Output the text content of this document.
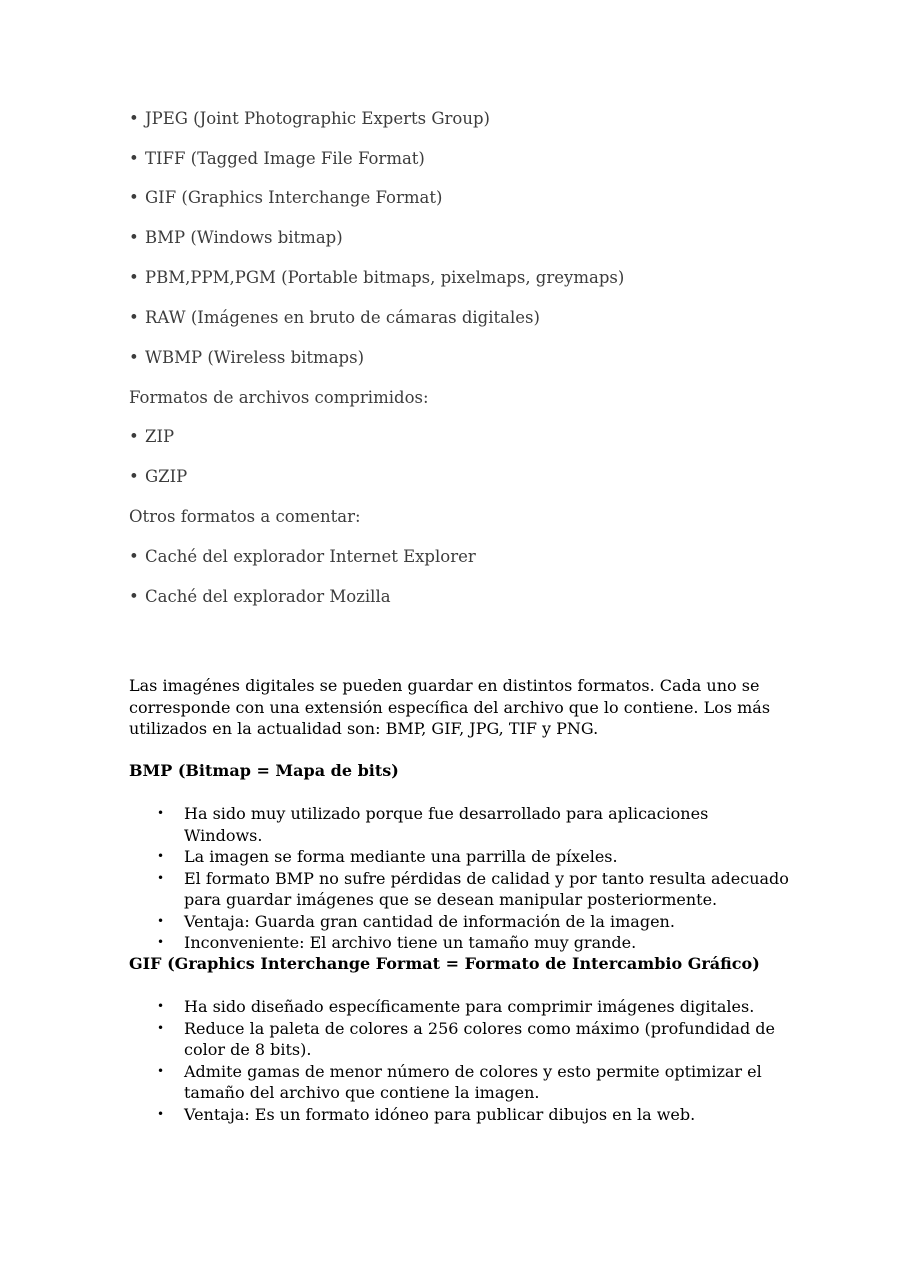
• JPEG (Joint Photographic Experts Group)
• TIFF (Tagged Image File Format)
• GIF (Graphics Interchange Format)
• BMP (Windows bitmap)
• PBM,PPM,PGM (Portable bitmaps, pixelmaps, greymaps)
• RAW (Imágenes en bruto de cámaras digitales)
• WBMP (Wireless bitmaps)
Formatos de archivos comprimidos:
• ZIP
• GZIP
Otros formatos a comentar:
• Caché del explorador Internet Explorer
• Caché del explorador Mozilla

Las imagénes digitales se pueden guardar en distintos formatos. Cada uno se corresponde con una extensión específica del archivo que lo contiene. Los más utilizados en la actualidad son: BMP, GIF, JPG, TIF y PNG.

BMP (Bitmap = Mapa de bits)
• Ha sido muy utilizado porque fue desarrollado para aplicaciones Windows.
• La imagen se forma mediante una parrilla de píxeles.
• El formato BMP no sufre pérdidas de calidad y por tanto resulta adecuado para guardar imágenes que se desean manipular posteriormente.
• Ventaja: Guarda gran cantidad de información de la imagen.
• Inconveniente: El archivo tiene un tamaño muy grande.
GIF (Graphics Interchange Format = Formato de Intercambio Gráfico)
• Ha sido diseñado específicamente para comprimir imágenes digitales.
• Reduce la paleta de colores a 256 colores como máximo (profundidad de color de 8 bits).
• Admite gamas de menor número de colores y esto permite optimizar el tamaño del archivo que contiene la imagen.
• Ventaja: Es un formato idóneo para publicar dibujos en la web.
